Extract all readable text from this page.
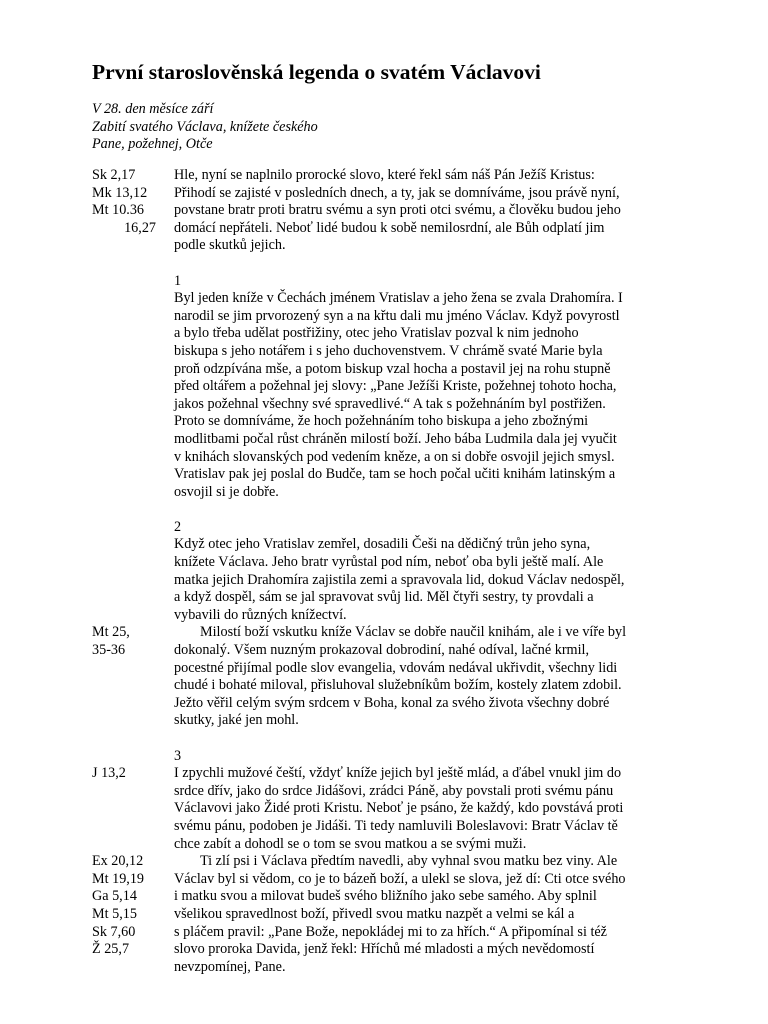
První staroslověnská legenda o svatém Václavovi
V 28. den měsíce září
Zabití svatého Václava, knížete českého
Pane, požehnej, Otče
Sk 2,17	Hle, nyní se naplnilo prorocké slovo, které řekl sám náš Pán Ježíš Kristus:
Mk 13,12	Přihodí se zajisté v posledních dnech, a ty, jak se domníváme, jsou právě nyní,
Mt 10.36	povstane bratr proti bratru svému a syn proti otci svému, a člověku budou jeho
16,27 domácí nepřáteli. Neboť lidé budou k sobě nemilosrdní, ale Bůh odplatí jim
podle skutků jejich.
1
Byl jeden kníže v Čechách jménem Vratislav a jeho žena se zvala Drahomíra. I
narodil se jim prvorozený syn a na křtu dali mu jméno Václav. Když povyrostl
a bylo třeba udělat postřižiny, otec jeho Vratislav pozval k nim jednoho
biskupa s jeho notářem i s jeho duchovenstvem. V chrámě svaté Marie byla
proň odzpívána mše, a potom biskup vzal hocha a postavil jej na rohu stupně
před oltářem a požehnal jej slovy: „Pane Ježíši Kriste, požehnej tohoto hocha,
jakos požehnal všechny své spravedlivé.“ A tak s požehnáním byl postřižen.
Proto se domníváme, že hoch požehnáním toho biskupa a jeho zbožnými
modlitbami počal růst chráněn milostí boží. Jeho bába Ludmila dala jej vyučit
v knihách slovanských pod vedením kněze, a on si dobře osvojil jejich smysl.
Vratislav pak jej poslal do Budče, tam se hoch počal učiti knihám latinským a
osvojil si je dobře.
2
Když otec jeho Vratislav zemřel, dosadili Češi na dědičný trůn jeho syna,
knížete Václava. Jeho bratr vyrůstal pod ním, neboť oba byli ještě malí. Ale
matka jejich Drahomíra zajistila zemi a spravovala lid, dokud Václav nedospěl,
a když dospěl, sám se jal spravovat svůj lid. Měl čtyři sestry, ty provdali a
vybavili do různých knížectví.
Mt 25,	Milostí boží vskutku kníže Václav se dobře naučil knihám, ale i ve víře byl
35-36	dokonalý. Všem nuzným prokazoval dobrodiní, nahé odíval, lačné krmil,
pocestné přijímal podle slov evangelia, vdovám nedával ukřivdit, všechny lidi
chudé i bohaté miloval, přisluhoval služebníkům božím, kostely zlatem zdobil.
Ježto věřil celým svým srdcem v Boha, konal za svého života všechny dobré
skutky, jaké jen mohl.
3
J 13,2	I zpychli mužové čeští, vždyť kníže jejich byl ještě mlád, a ďábel vnukl jim do
srdce dřív, jako do srdce Jidášovi, zrádci Páně, aby povstali proti svému pánu
Václavovi jako Židé proti Kristu. Neboť je psáno, že každý, kdo povstává proti
svému pánu, podoben je Jidáši. Ti tedy namluvili Boleslavovi: Bratr Václav tě
chce zabít a dohodl se o tom se svou matkou a se svými muži.
Ex 20,12	Ti zlí psi i Václava předtím navedli, aby vyhnal svou matku bez viny. Ale
Mt 19,19	Václav byl si vědom, co je to bázeň boží, a ulekl se slova, jež dí: Cti otce svého
Ga 5,14	i matku svou a milovat budeš svého bližního jako sebe samého. Aby splnil
Mt 5,15	všelikou spravedlnost boží, přivedl svou matku nazpět a velmi se kál a
Sk 7,60	s pláčem pravil: „Pane Bože, nepokládej mi to za hřích.“ A připomínal si též
Ž 25,7	slovo proroka Davida, jenž řekl: Hříchů mé mladosti a mých nevědomostí
nevzpomínej, Pane.
